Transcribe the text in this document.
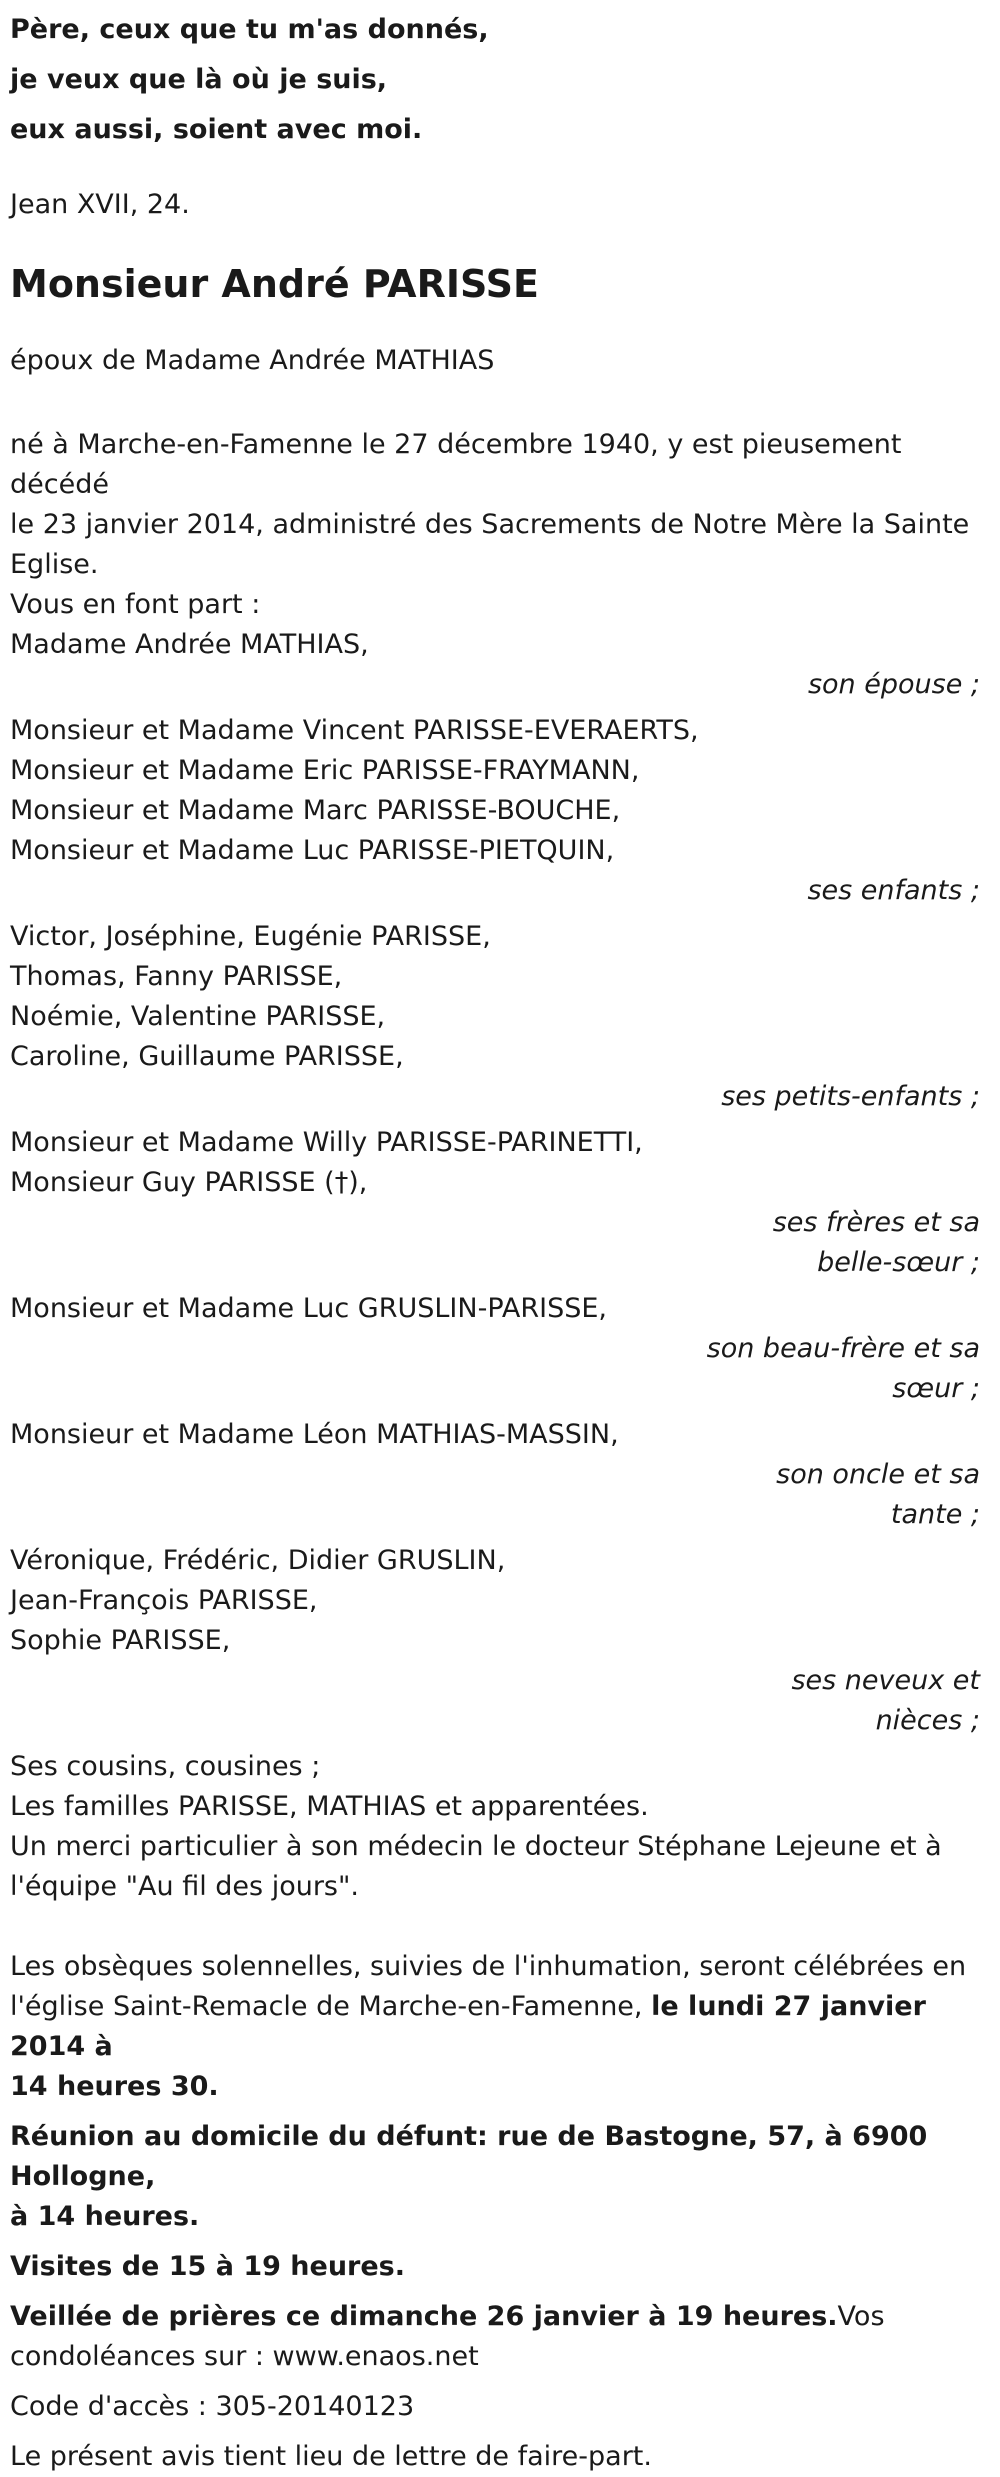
Père, ceux que tu m'as donnés,

je veux que là où je suis,

eux aussi, soient avec moi.

Jean XVII, 24.

Monsieur André PARISSE

époux de Madame Andrée MATHIAS

né à Marche-en-Famenne le 27 décembre 1940, y est pieusement décédé

le 23 janvier 2014, administré des Sacrements de Notre Mère la Sainte

Eglise.

Vous en font part :

Madame Andrée MATHIAS,

son épouse ;

Monsieur et Madame Vincent PARISSE-EVERAERTS,

Monsieur et Madame Eric PARISSE-FRAYMANN,

Monsieur et Madame Marc PARISSE-BOUCHE,

Monsieur et Madame Luc PARISSE-PIETQUIN,

ses enfants ;

Victor, Joséphine, Eugénie PARISSE,

Thomas, Fanny PARISSE,

Noémie, Valentine PARISSE,

Caroline, Guillaume PARISSE,

ses petits-enfants ;

Monsieur et Madame Willy PARISSE-PARINETTI,

Monsieur Guy PARISSE (†),

ses frères et sa

belle-sœur ;

Monsieur et Madame Luc GRUSLIN-PARISSE,

son beau-frère et sa

sœur ;

Monsieur et Madame Léon MATHIAS-MASSIN,

son oncle et sa

tante ;

Véronique, Frédéric, Didier GRUSLIN,

Jean-François PARISSE,

Sophie PARISSE,

ses neveux et

nièces ;

Ses cousins, cousines ;

Les familles PARISSE, MATHIAS et apparentées.

Un merci particulier à son médecin le docteur Stéphane Lejeune et à

l'équipe "Au fil des jours".

Les obsèques solennelles, suivies de l'inhumation, seront célébrées en

l'église Saint-Remacle de Marche-en-Famenne, le lundi 27 janvier 2014 à

14 heures 30.

Réunion au domicile du défunt: rue de Bastogne, 57, à 6900 Hollogne,

à 14 heures.

Visites de 15 à 19 heures.

Veillée de prières ce dimanche 26 janvier à 19 heures.Vos

condoléances sur : www.enaos.net

Code d'accès : 305-20140123

Le présent avis tient lieu de lettre de faire-part.
